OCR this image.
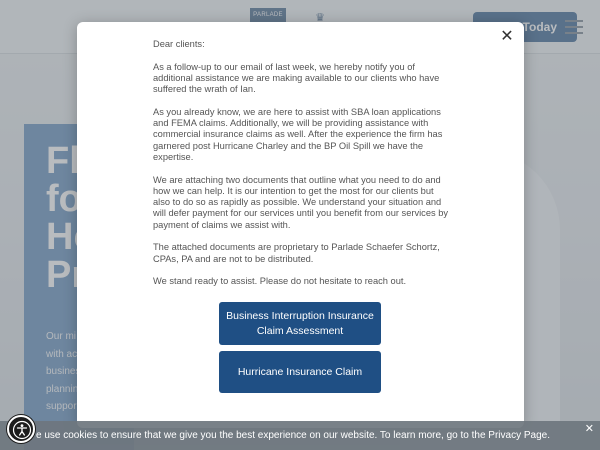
✕

Dear clients:

As a follow-up to our email of last week, we hereby notify you of additional assistance we are making available to our clients who have suffered the wrath of Ian.

As you already know, we are here to assist with SBA loan applications and FEMA claims. Additionally, we will be providing assistance with commercial insurance claims as well. After the experience the firm has garnered post Hurricane Charley and the BP Oil Spill we have the expertise.

We are attaching two documents that outline what you need to do and how we can help. It is our intention to get the most for our clients but also to do so as rapidly as possible. We understand your situation and will defer payment for our services until you benefit from our services by payment of claims we assist with.

The attached documents are proprietary to Parlade Schaefer Schortz, CPAs, PA and are not to be distributed.

We stand ready to assist. Please do not hesitate to reach out.

Business Interruption Insurance Claim Assessment
Hurricane Insurance Claim
e use cookies to ensure that we give you the best experience on our website. To learn more, go to the Privacy Page.
✕
